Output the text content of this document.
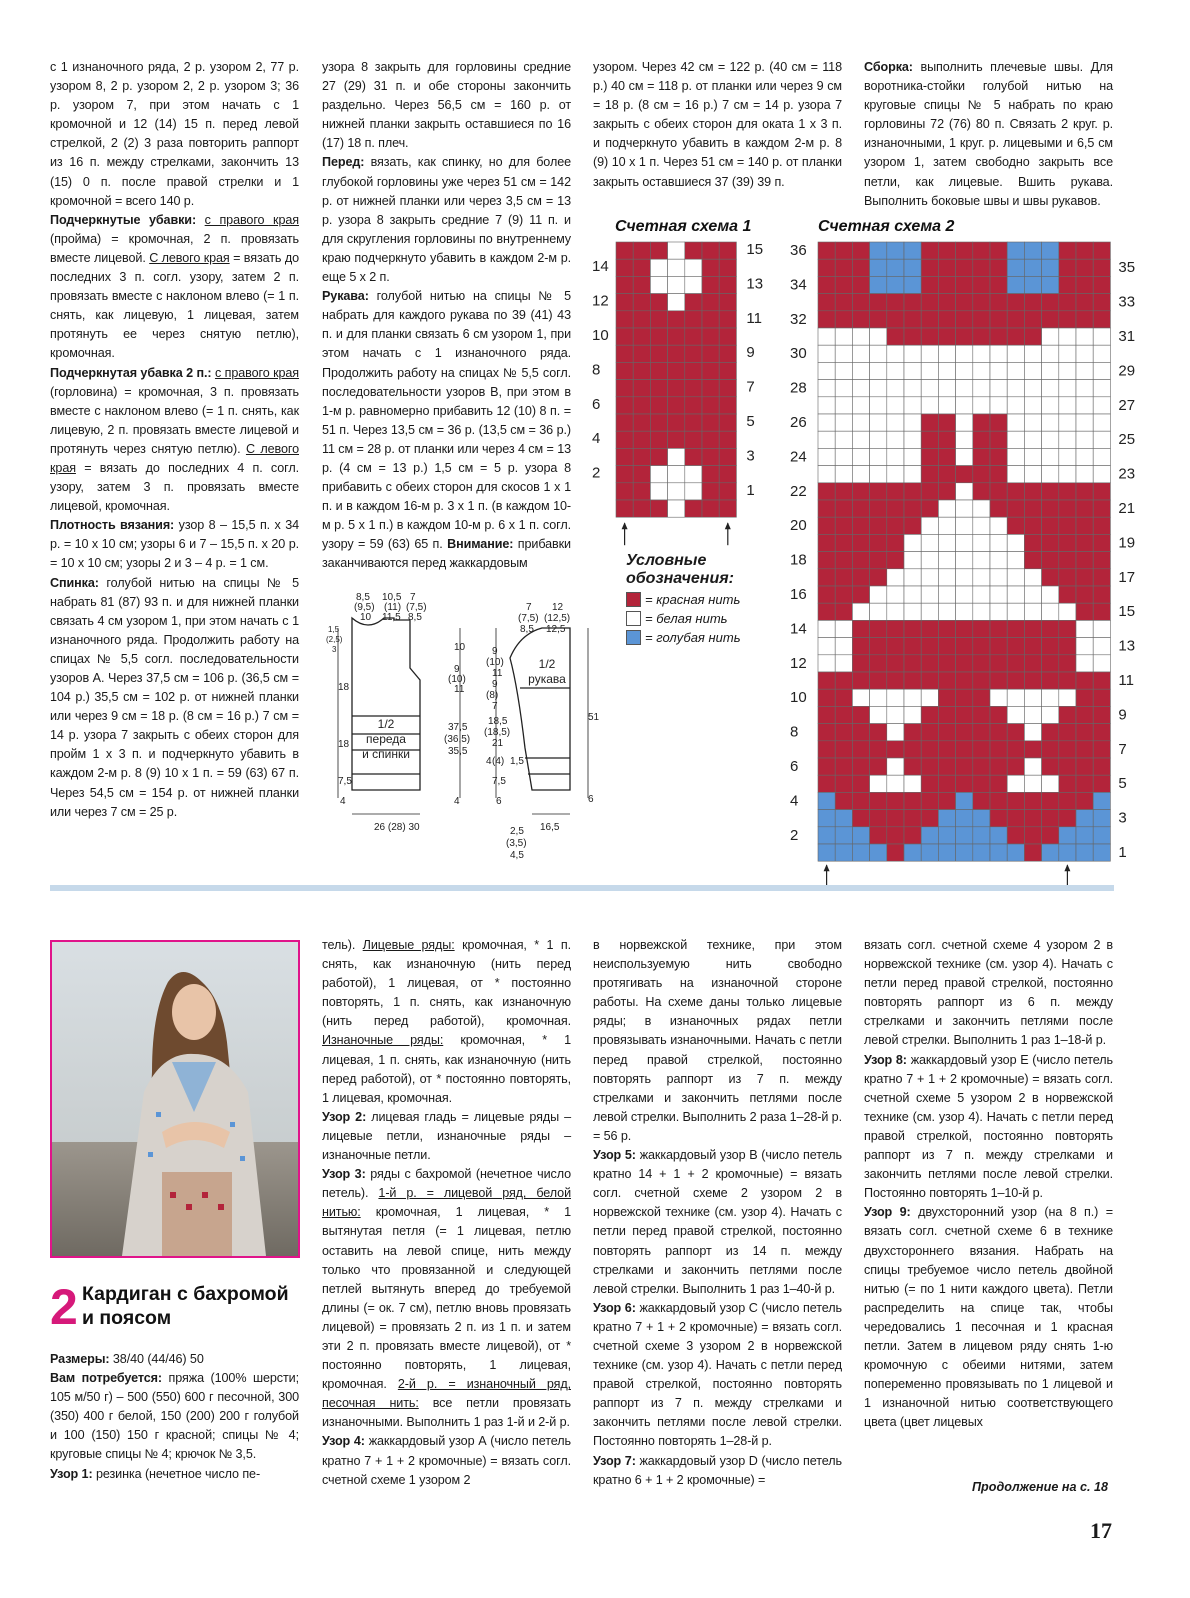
с 1 изнаночного ряда, 2 р. узором 2, 77 р. узором 8, 2 р. узором 2, 2 р. узором 3; 36 р. узором 7, при этом начать с 1 кромочной и 12 (14) 15 п. перед левой стрелкой, 2 (2) 3 раза повторить раппорт из 16 п. между стрелками, закончить 13 (15) 0 п. после правой стрелки и 1 кромочной = всего 140 р.

Подчеркнутые убавки: с правого края (пройма) = кромочная, 2 п. провязать вместе лицевой. С левого края = вязать до последних 3 п. согл. узору, затем 2 п. провязать вместе с наклоном влево (= 1 п. снять, как лицевую, 1 лицевая, затем протянуть ее через снятую петлю), кромочная.

Подчеркнутая убавка 2 п.: с правого края (горловина) = кромочная, 3 п. провязать вместе с наклоном влево (= 1 п. снять, как лицевую, 2 п. провязать вместе лицевой и протянуть через снятую петлю). С левого края = вязать до последних 4 п. согл. узору, затем 3 п. провязать вместе лицевой, кромочная.

Плотность вязания: узор 8 – 15,5 п. x 34 р. = 10 x 10 см; узоры 6 и 7 – 15,5 п. x 20 р. = 10 x 10 см; узоры 2 и 3 – 4 р. = 1 см.

Спинка: голубой нитью на спицы № 5 набрать 81 (87) 93 п. и для нижней планки связать 4 см узором 1, при этом начать с 1 изнаночного ряда. Продолжить работу на спицах № 5,5 согл. последовательности узоров А. Через 37,5 см = 106 р. (36,5 см = 104 р.) 35,5 см = 102 р. от нижней планки или через 9 см = 18 р. (8 см = 16 р.) 7 см = 14 р. узора 7 закрыть с обеих сторон для пройм 1 x 3 п. и подчеркнуто убавить в каждом 2-м р. 8 (9) 10 x 1 п. = 59 (63) 67 п. Через 54,5 см = 154 р. от нижней планки или через 7 см = 25 р.

узора 8 закрыть для горловины средние 27 (29) 31 п. и обе стороны закончить раздельно. Через 56,5 см = 160 р. от нижней планки закрыть оставшиеся по 16 (17) 18 п. плеч.

Перед: вязать, как спинку, но для более глубокой горловины уже через 51 см = 142 р. от нижней планки или через 3,5 см = 13 р. узора 8 закрыть средние 7 (9) 11 п. и для скругления горловины по внутреннему краю подчеркнуто убавить в каждом 2-м р. еще 5 x 2 п.

Рукава: голубой нитью на спицы № 5 набрать для каждого рукава по 39 (41) 43 п. и для планки связать 6 см узором 1, при этом начать с 1 изнаночного ряда. Продолжить работу на спицах № 5,5 согл. последовательности узоров В, при этом в 1-м р. равномерно прибавить 12 (10) 8 п. = 51 п. Через 13,5 см = 36 р. (13,5 см = 36 р.) 11 см = 28 р. от планки или через 4 см = 13 р. (4 см = 13 р.) 1,5 см = 5 р. узора 8 прибавить с обеих сторон для скосов 1 x 1 п. и в каждом 16-м р. 3 x 1 п. (в каждом 10-м р. 5 x 1 п.) в каждом 10-м р. 6 x 1 п. согл. узору = 59 (63) 65 п. Внимание: прибавки заканчиваются перед жаккардовым

узором. Через 42 см = 122 р. (40 см = 118 р.) 40 см = 118 р. от планки или через 9 см = 18 р. (8 см = 16 р.) 7 см = 14 р. узора 7 закрыть с обеих сторон для оката 1 x 3 п. и подчеркнуто убавить в каждом 2-м р. 8 (9) 10 x 1 п. Через 51 см = 140 р. от планки закрыть оставшиеся 37 (39) 39 п.

Сборка: выполнить плечевые швы. Для воротника-стойки голубой нитью на круговые спицы № 5 набрать по краю горловины 72 (76) 80 п. Связать 2 круг. р. изнаночными, 1 круг. р. лицевыми и 6,5 см узором 1, затем свободно закрыть все петли, как лицевые. Вшить рукава. Выполнить боковые швы и швы рукавов.

Счетная схема 1
14
12
10
8
6
4
2
15
13
11
9
7
5
3
1
Счетная схема 2
36
34
32
30
28
26
24
22
20
18
16
14
12
10
8
6
4
2
35
33
31
29
27
25
23
21
19
17
15
13
11
9
7
5
3
1
Условные
обозначения:
= красная нить
= белая нить
= голубая нить
1/2
переда
и спинки
1/2
рукава
8,5
(9,5)
10
10,5
(11)
11,5
7
(7,5)
8,5
1,5
(2,5)
3
18
18
7,5
4
10
9
(10)
11
37,5
(36,5)
35,5
4
26 (28) 30
7
(7,5)
8,5
12
(12,5)
12,5
9
(10)
11
9
(8)
7
18,5
(18,5)
21
4 (4) 1,5
7,5
6
51
6
2,5
(3,5)
4,5
16,5
2 Кардиган с бахромой
и поясом

Размеры: 38/40 (44/46) 50

Вам потребуется: пряжа (100% шерсти; 105 м/50 г) – 500 (550) 600 г песочной, 300 (350) 400 г белой, 150 (200) 200 г голубой и 100 (150) 150 г красной; спицы № 4; круговые спицы № 4; крючок № 3,5.

Узор 1: резинка (нечетное число пе-

тель). Лицевые ряды: кромочная, * 1 п. снять, как изнаночную (нить перед работой), 1 лицевая, от * постоянно повторять, 1 п. снять, как изнаночную (нить перед работой), кромочная. Изнаночные ряды: кромочная, * 1 лицевая, 1 п. снять, как изнаночную (нить перед работой), от * постоянно повторять, 1 лицевая, кромочная.

Узор 2: лицевая гладь = лицевые ряды – лицевые петли, изнаночные ряды – изнаночные петли.

Узор 3: ряды с бахромой (нечетное число петель). 1-й р. = лицевой ряд, белой нитью: кромочная, 1 лицевая, * 1 вытянутая петля (= 1 лицевая, петлю оставить на левой спице, нить между только что провязанной и следующей петлей вытянуть вперед до требуемой длины (= ок. 7 см), петлю вновь провязать лицевой) = провязать 2 п. из 1 п. и затем эти 2 п. провязать вместе лицевой), от * постоянно повторять, 1 лицевая, кромочная. 2-й р. = изнаночный ряд, песочная нить: все петли провязать изнаночными. Выполнить 1 раз 1-й и 2-й р.

Узор 4: жаккардовый узор А (число петель кратно 7 + 1 + 2 кромочные) = вязать согл. счетной схеме 1 узором 2

в норвежской технике, при этом неиспользуемую нить свободно протягивать на изнаночной стороне работы. На схеме даны только лицевые ряды; в изнаночных рядах петли провязывать изнаночными. Начать с петли перед правой стрелкой, постоянно повторять раппорт из 7 п. между стрелками и закончить петлями после левой стрелки. Выполнить 2 раза 1–28-й р. = 56 р.

Узор 5: жаккардовый узор В (число петель кратно 14 + 1 + 2 кромочные) = вязать согл. счетной схеме 2 узором 2 в норвежской технике (см. узор 4). Начать с петли перед правой стрелкой, постоянно повторять раппорт из 14 п. между стрелками и закончить петлями после левой стрелки. Выполнить 1 раз 1–40-й р.

Узор 6: жаккардовый узор С (число петель кратно 7 + 1 + 2 кромочные) = вязать согл. счетной схеме 3 узором 2 в норвежской технике (см. узор 4). Начать с петли перед правой стрелкой, постоянно повторять раппорт из 7 п. между стрелками и закончить петлями после левой стрелки. Постоянно повторять 1–28-й р.

Узор 7: жаккардовый узор D (число петель кратно 6 + 1 + 2 кромочные) =

вязать согл. счетной схеме 4 узором 2 в норвежской технике (см. узор 4). Начать с петли перед правой стрелкой, постоянно повторять раппорт из 6 п. между стрелками и закончить петлями после левой стрелки. Выполнить 1 раз 1–18-й р.

Узор 8: жаккардовый узор Е (число петель кратно 7 + 1 + 2 кромочные) = вязать согл. счетной схеме 5 узором 2 в норвежской технике (см. узор 4). Начать с петли перед правой стрелкой, постоянно повторять раппорт из 7 п. между стрелками и закончить петлями после левой стрелки. Постоянно повторять 1–10-й р.

Узор 9: двухсторонний узор (на 8 п.) = вязать согл. счетной схеме 6 в технике двухстороннего вязания. Набрать на спицы требуемое число петель двойной нитью (= по 1 нити каждого цвета). Петли распределить на спице так, чтобы чередовались 1 песочная и 1 красная петли. Затем в лицевом ряду снять 1-ю кромочную с обеими нитями, затем попеременно провязывать по 1 лицевой и 1 изнаночной нитью соответствующего цвета (цвет лицевых

Продолжение на с. 18
17
